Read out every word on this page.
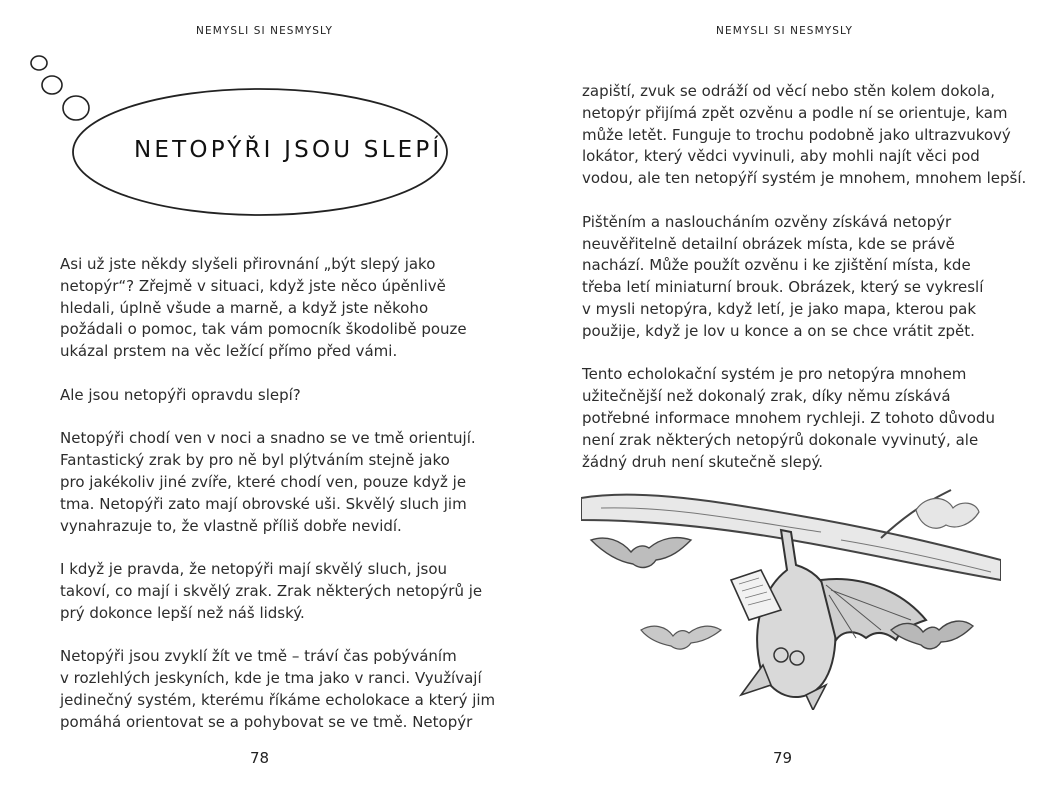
NEMYSLI SI NESMYSLY
NETOPÝŘI JSOU SLEPÍ

Asi už jste někdy slyšeli přirovnání „být slepý jako
netopýr“? Zřejmě v situaci, když jste něco úpěnlivě
hledali, úplně všude a marně, a když jste někoho
požádali o pomoc, tak vám pomocník škodolibě pouze
ukázal prstem na věc ležící přímo před vámi.

Ale jsou netopýři opravdu slepí?

Netopýři chodí ven v noci a snadno se ve tmě orientují.
Fantastický zrak by pro ně byl plýtváním stejně jako
pro jakékoliv jiné zvíře, které chodí ven, pouze když je
tma. Netopýři zato mají obrovské uši. Skvělý sluch jim
vynahrazuje to, že vlastně příliš dobře nevidí.

I když je pravda, že netopýři mají skvělý sluch, jsou
takoví, co mají i skvělý zrak. Zrak některých netopýrů je
prý dokonce lepší než náš lidský.

Netopýři jsou zvyklí žít ve tmě – tráví čas pobýváním
v rozlehlých jeskyních, kde je tma jako v ranci. Využívají
jedinečný systém, kterému říkáme echolokace a který jim
pomáhá orientovat se a pohybovat se ve tmě. Netopýr

78
NEMYSLI SI NESMYSLY

zapiští, zvuk se odráží od věcí nebo stěn kolem dokola,
netopýr přijímá zpět ozvěnu a podle ní se orientuje, kam
může letět. Funguje to trochu podobně jako ultrazvukový
lokátor, který vědci vyvinuli, aby mohli najít věci pod
vodou, ale ten netopýří systém je mnohem, mnohem lepší.

Pištěním a nasloucháním ozvěny získává netopýr
neuvěřitelně detailní obrázek místa, kde se právě
nachází. Může použít ozvěnu i ke zjištění místa, kde
třeba letí miniaturní brouk. Obrázek, který se vykreslí
v mysli netopýra, když letí, je jako mapa, kterou pak
použije, když je lov u konce a on se chce vrátit zpět.

Tento echolokační systém je pro netopýra mnohem
užitečnější než dokonalý zrak, díky němu získává
potřebné informace mnohem rychleji. Z tohoto důvodu
není zrak některých netopýrů dokonale vyvinutý, ale
žádný druh není skutečně slepý.

79
